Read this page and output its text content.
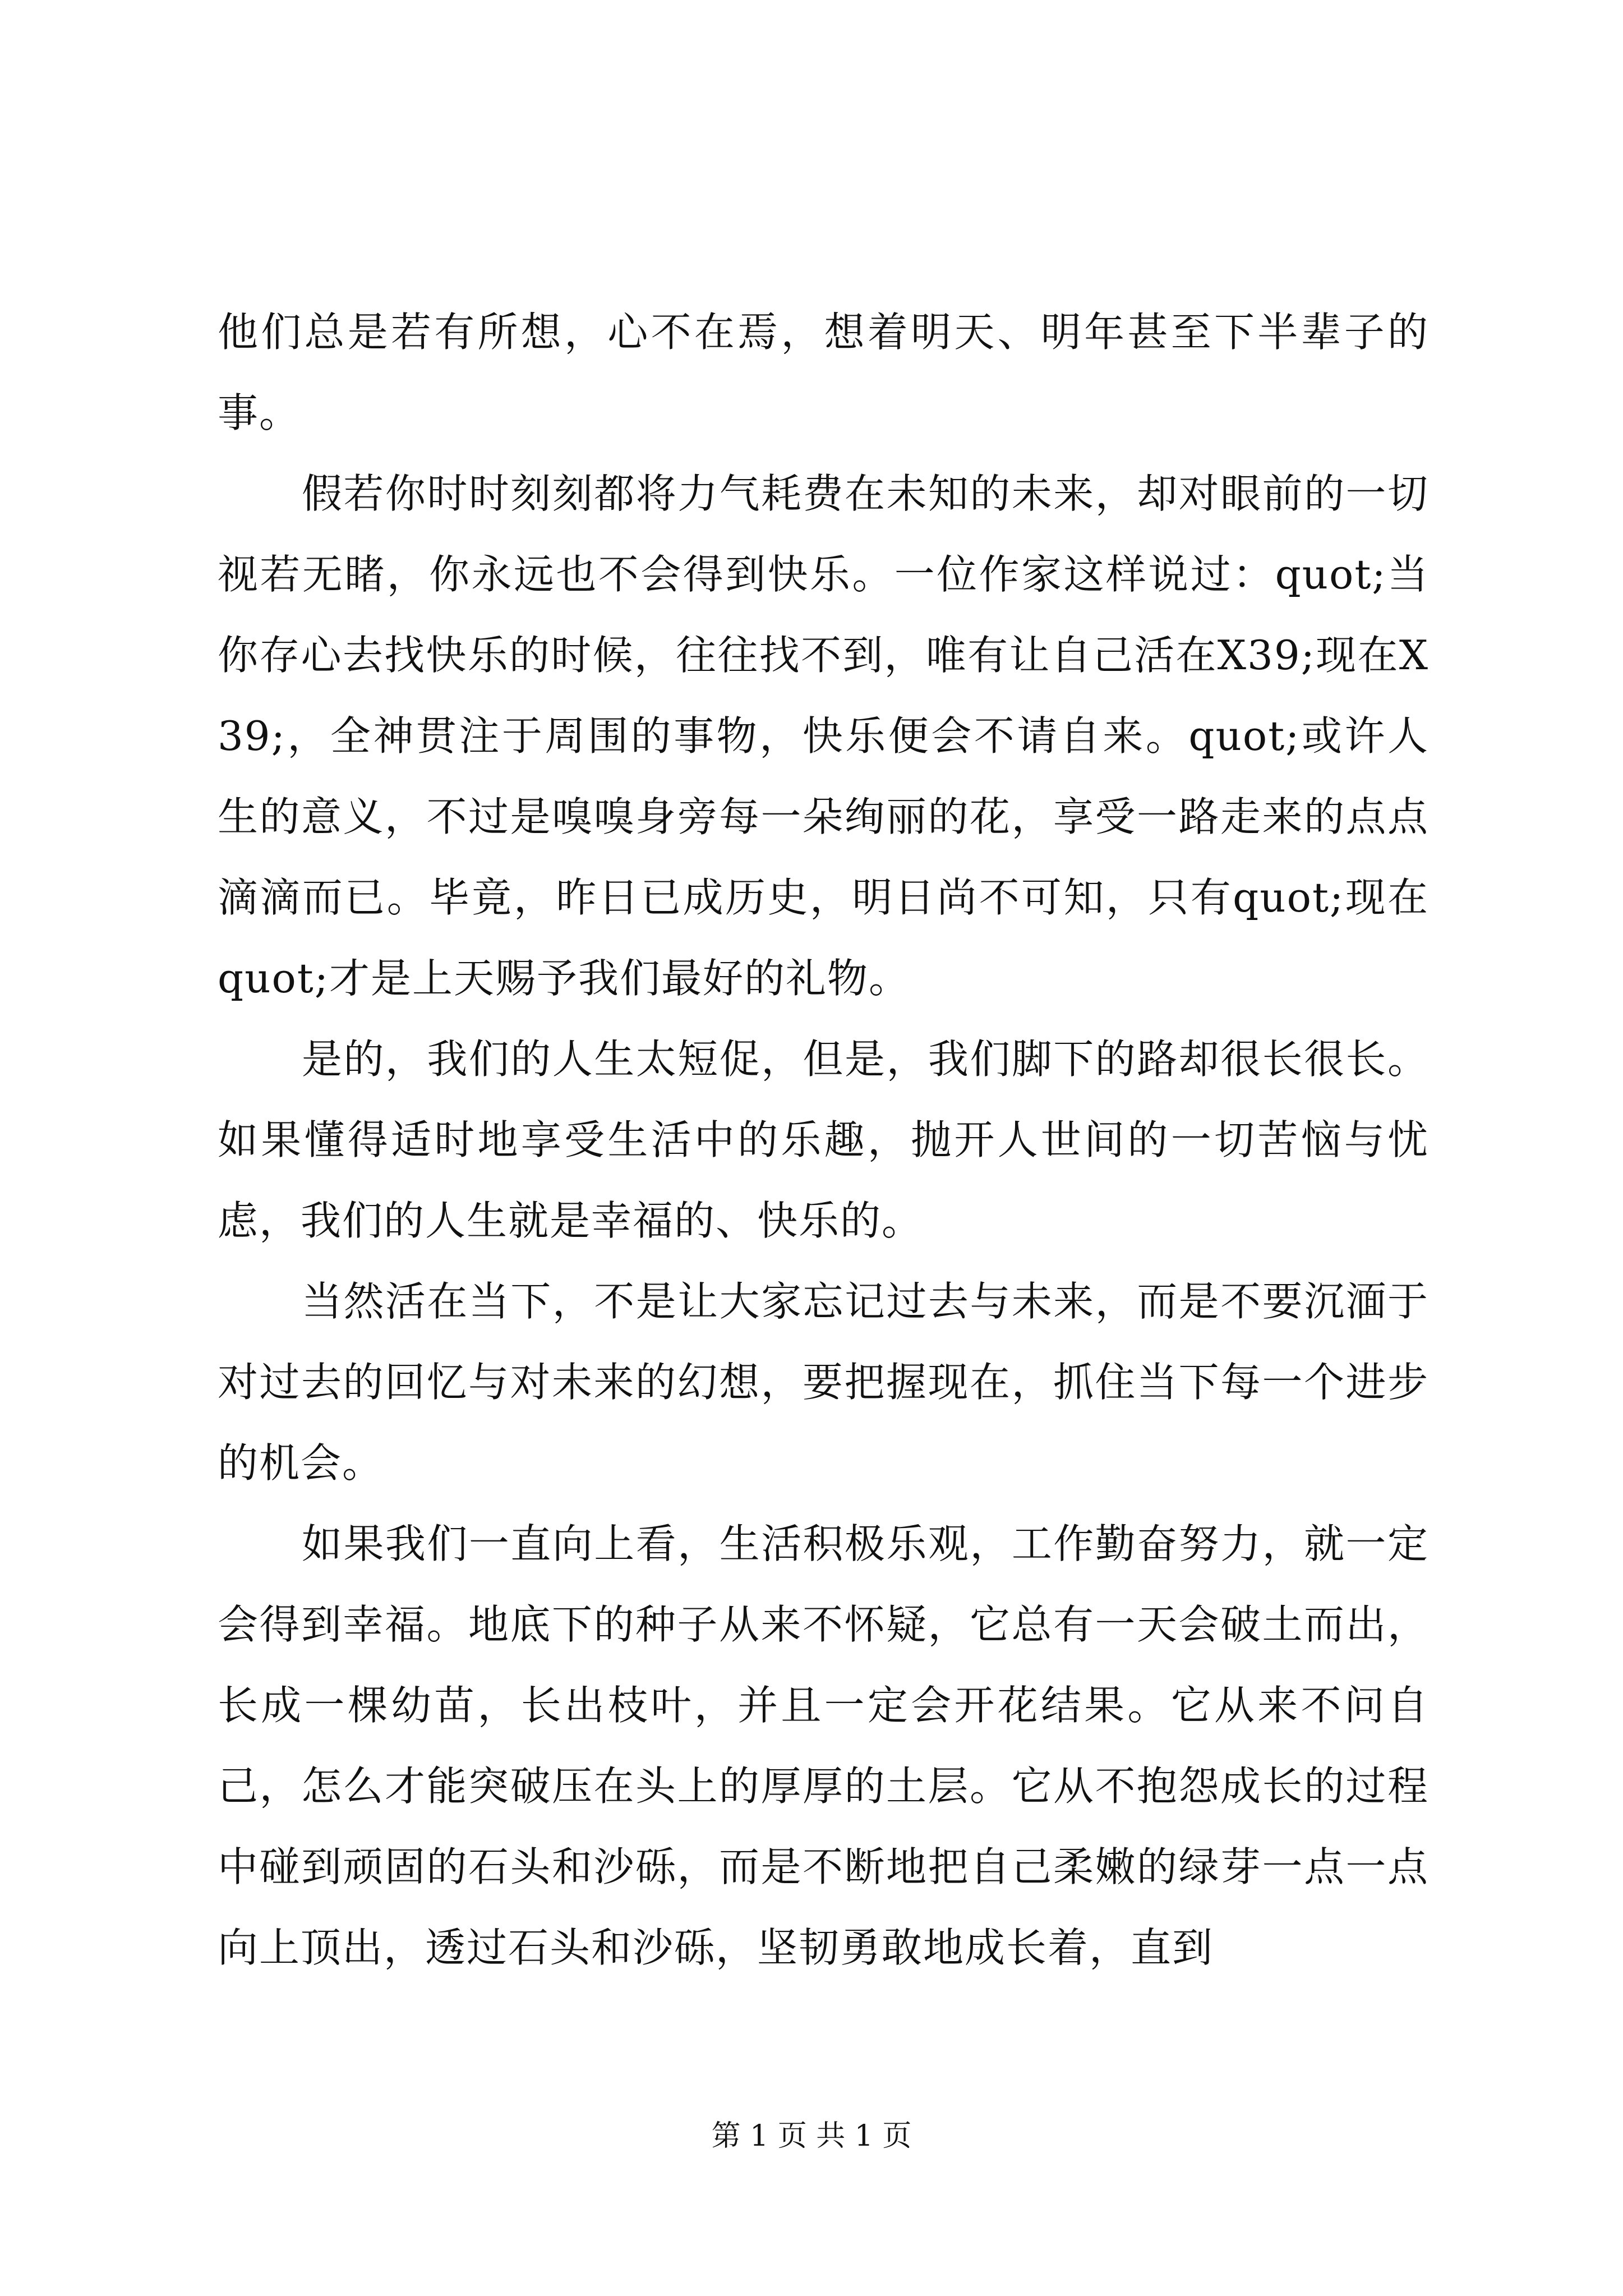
他们总是若有所想，心不在焉，想着明天、明年甚至下半辈子的事。

假若你时时刻刻都将力气耗费在未知的未来，却对眼前的一切视若无睹，你永远也不会得到快乐。一位作家这样说过：quot;当你存心去找快乐的时候，往往找不到，唯有让自己活在X39;现在X39;，全神贯注于周围的事物，快乐便会不请自来。quot;或许人生的意义，不过是嗅嗅身旁每一朵绚丽的花，享受一路走来的点点滴滴而已。毕竟，昨日已成历史，明日尚不可知，只有quot;现在quot;才是上天赐予我们最好的礼物。

是的，我们的人生太短促，但是，我们脚下的路却很长很长。如果懂得适时地享受生活中的乐趣，抛开人世间的一切苦恼与忧虑，我们的人生就是幸福的、快乐的。

当然活在当下，不是让大家忘记过去与未来，而是不要沉湎于对过去的回忆与对未来的幻想，要把握现在，抓住当下每一个进步的机会。

如果我们一直向上看，生活积极乐观，工作勤奋努力，就一定会得到幸福。地底下的种子从来不怀疑，它总有一天会破土而出，长成一棵幼苗，长出枝叶，并且一定会开花结果。它从来不问自己，怎么才能突破压在头上的厚厚的土层。它从不抱怨成长的过程中碰到顽固的石头和沙砾，而是不断地把自己柔嫩的绿芽一点一点向上顶出，透过石头和沙砾，坚韧勇敢地成长着，直到

第 1 页 共 1 页
